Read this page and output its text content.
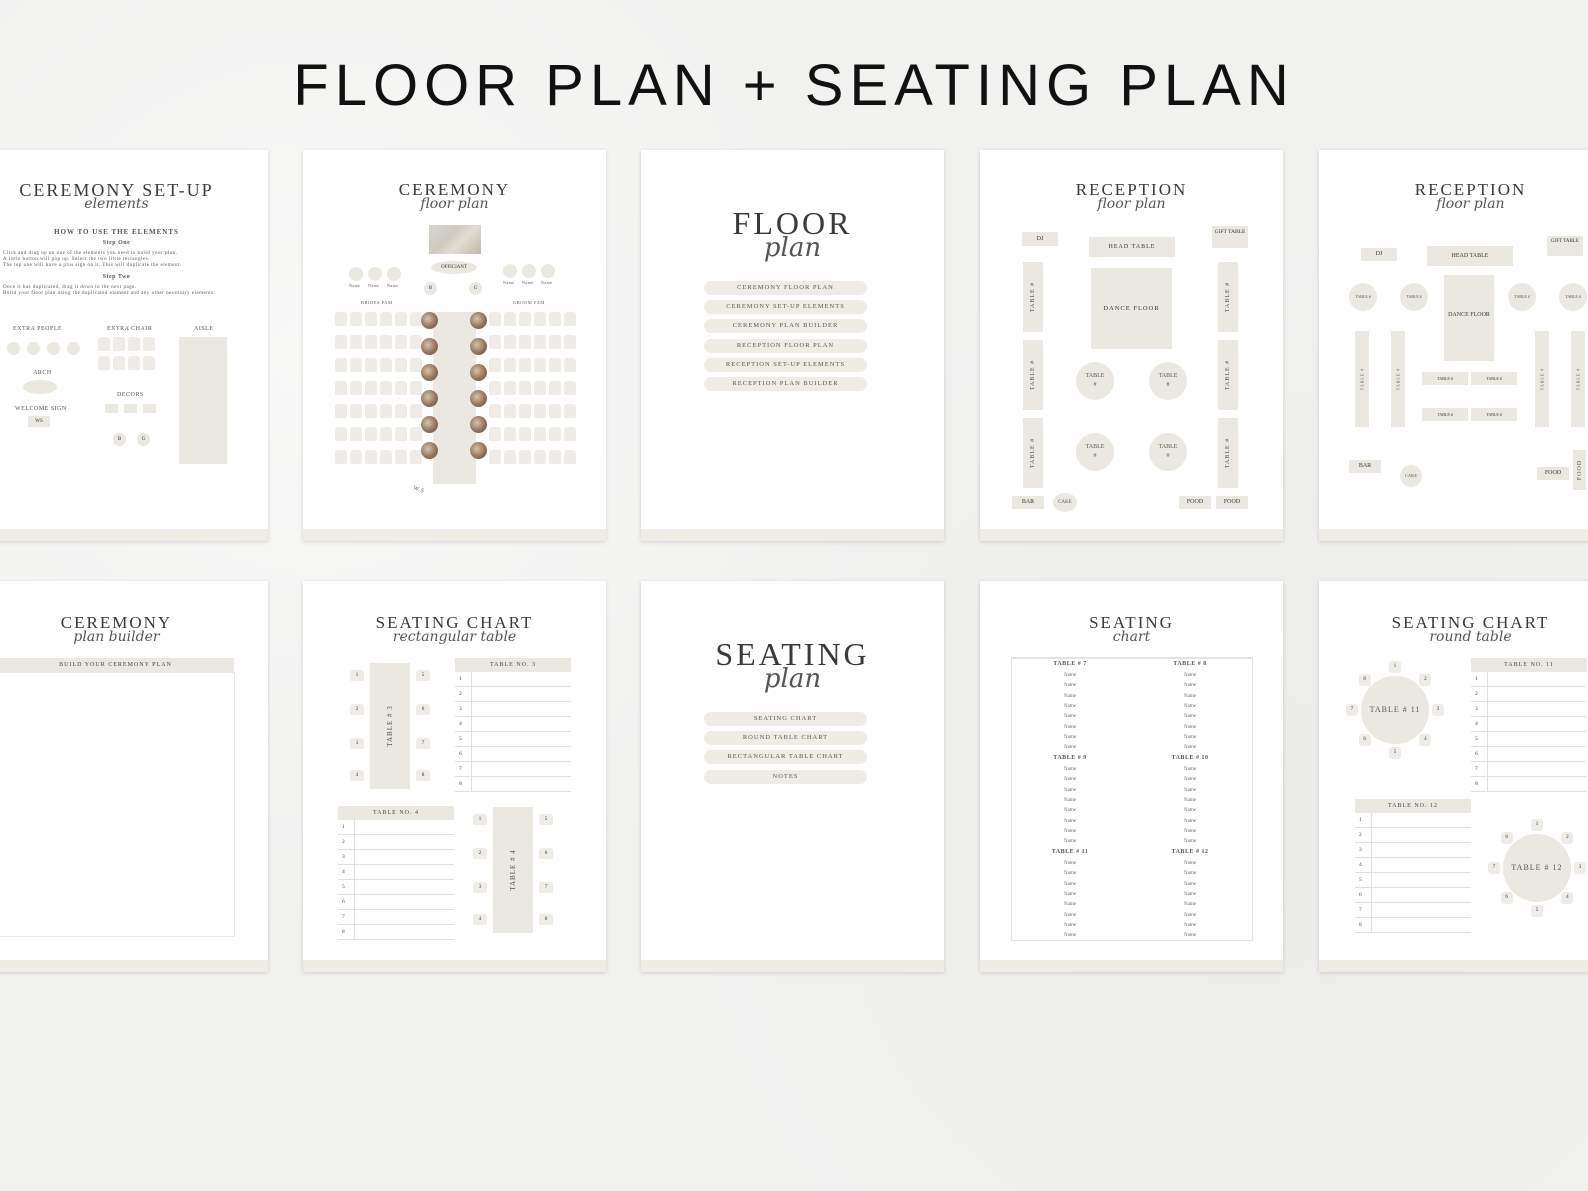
FLOOR PLAN + SEATING PLAN
CEREMONY SET-UP
elements
HOW TO USE THE ELEMENTS
Step One
Click and drag up on one of the elements you need to build your plan.
A little button will pop up. Select the two little rectangles.
The top one will have a plus sign on it. This will duplicate the element.
Step Two
Once it has duplicated, drag it down to the next page.
Build your floor plan using the duplicated element and any other necessary elements.
EXTRA PEOPLE	EXTRA CHAIR	AISLE
ARCH
WELCOME SIGN
WS
DECORS
B	G
CEREMONY
floor plan
OFFICIANT
Name Name Name
Name Name Name
B	G
BRIDES FAM	GROOM FAM
W.S
FLOOR
plan
CEREMONY FLOOR PLAN
CEREMONY SET-UP ELEMENTS
CEREMONY PLAN BUILDER
RECEPTION FLOOR PLAN
RECEPTION SET-UP ELEMENTS
RECEPTION PLAN BUILDER
RECEPTION
floor plan
DJ
HEAD TABLE
GIFT TABLE
DANCE FLOOR
TABLE #
TABLE #
TABLE #
TABLE #
TABLE #
TABLE #
TABLE
#
TABLE
#
TABLE
#
TABLE
#
BAR	CAKE	FOOD	FOOD
RECEPTION
floor plan
DJ	HEAD TABLE
GIFT TABLE
DANCE FLOOR
TABLE #	TABLE #	TABLE #	TABLE #
TABLE #	TABLE #	TABLE #	TABLE #
TABLE #	TABLE #
TABLE #	TABLE #
BAR
CAKE	FOOD	FOOD
CEREMONY
plan builder
BUILD YOUR CEREMONY PLAN
SEATING CHART
rectangular table
TABLE # 3
1	5
2	6
3	7
4	8
TABLE NO. 3
1	
2	
3	
4	
5	
6	
7	
8	
TABLE NO. 4
1	
2	
3	
4	
5	
6	
7	
8	
TABLE # 4
1	5
2	6
3	7
4	8
SEATING
plan
SEATING CHART
ROUND TABLE CHART
RECTANGULAR TABLE CHART
NOTES
SEATING
chart
TABLE # 7	TABLE # 8
Name	Name
Name	Name
Name	Name
Name	Name
Name	Name
Name	Name
Name	Name
Name	Name
TABLE # 9	TABLE # 10
Name	Name
Name	Name
Name	Name
Name	Name
Name	Name
Name	Name
Name	Name
Name	Name
TABLE # 11	TABLE # 12
Name	Name
Name	Name
Name	Name
Name	Name
Name	Name
Name	Name
Name	Name
Name	Name
SEATING CHART
round table
TABLE # 11
TABLE # 12
1
2
3
4
5
6
7
8
1
2
3
4
5
6
7
8
TABLE NO. 11
1	
2	
3	
4	
5	
6	
7	
8	
TABLE NO. 12
1	
2	
3	
4	
5	
6	
7	
8	
